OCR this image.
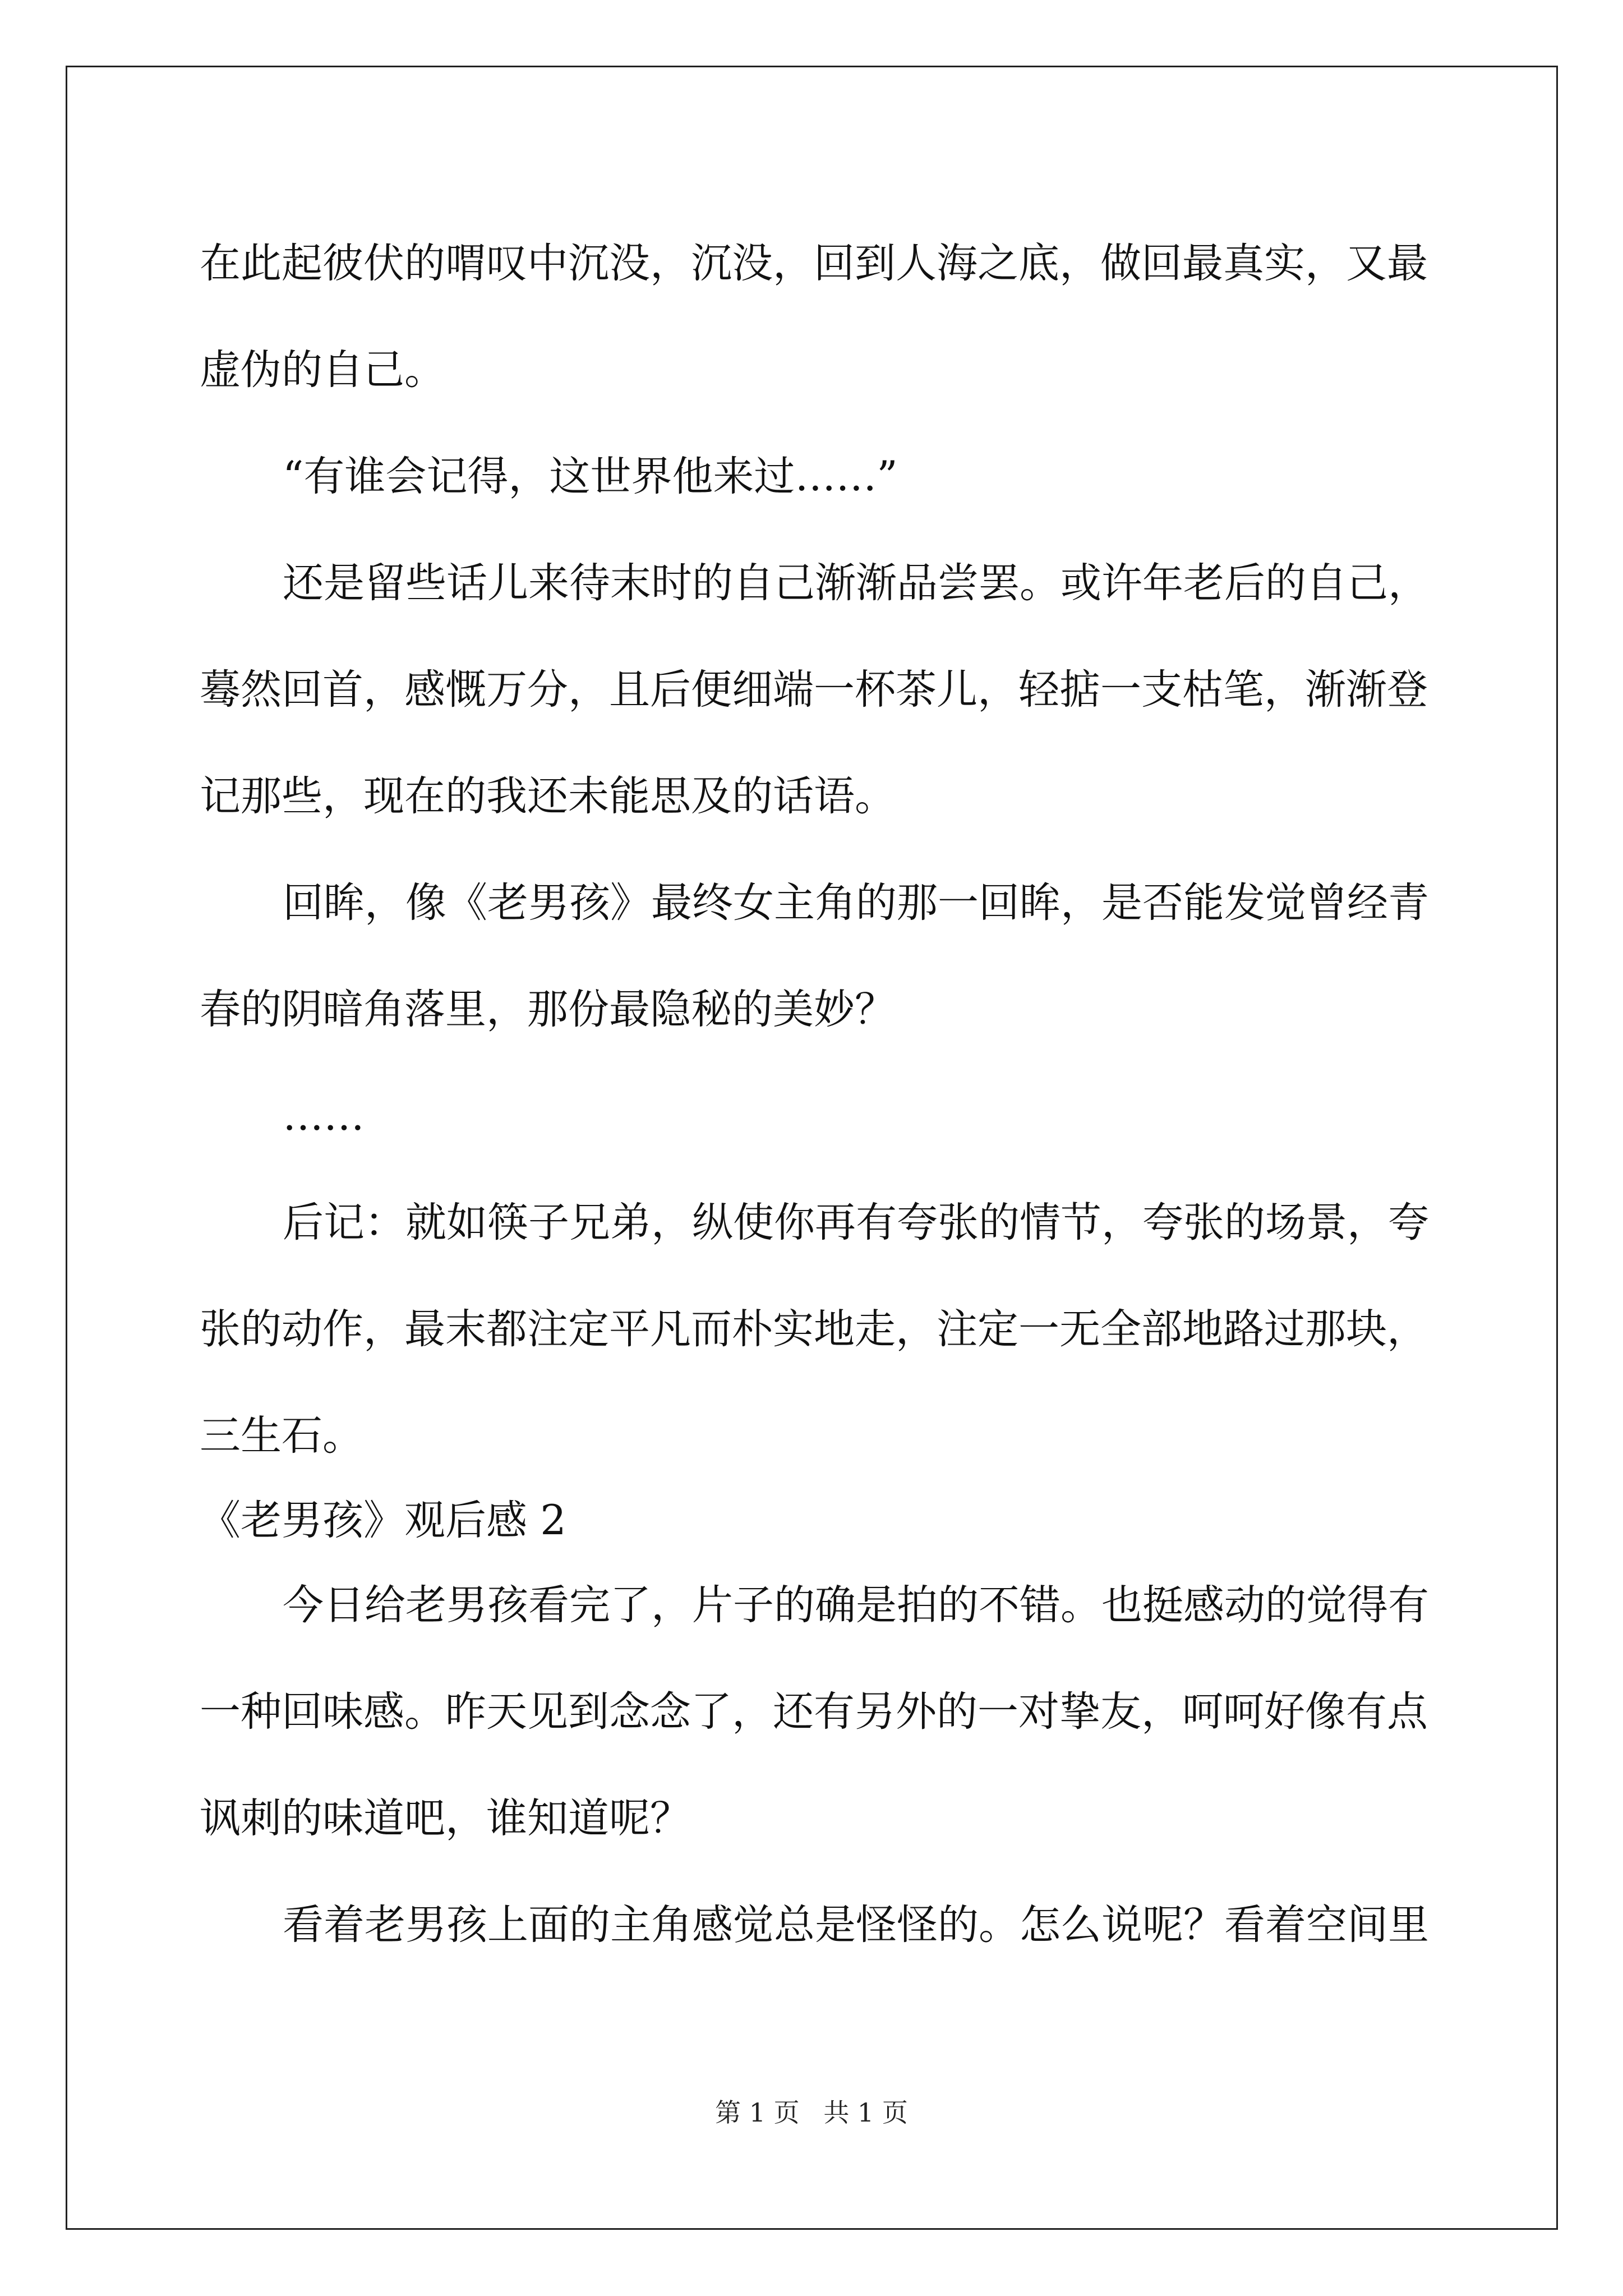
在此起彼伏的喟叹中沉没，沉没，回到人海之底，做回最真实，又最

虚伪的自己。

“有谁会记得，这世界他来过……”

还是留些话儿来待末时的自己渐渐品尝罢。或许年老后的自己，

蓦然回首，感慨万分，且后便细端一杯茶儿，轻掂一支枯笔，渐渐登

记那些，现在的我还未能思及的话语。

回眸，像《老男孩》最终女主角的那一回眸，是否能发觉曾经青

春的阴暗角落里，那份最隐秘的美妙？

……

后记：就如筷子兄弟，纵使你再有夸张的情节，夸张的场景，夸

张的动作，最末都注定平凡而朴实地走，注定一无全部地路过那块，

三生石。

《老男孩》观后感 2

今日给老男孩看完了，片子的确是拍的不错。也挺感动的觉得有

一种回味感。昨天见到念念了，还有另外的一对挚友，呵呵好像有点

讽刺的味道吧，谁知道呢？

看着老男孩上面的主角感觉总是怪怪的。怎么说呢？看着空间里

第 1 页 共 1 页
